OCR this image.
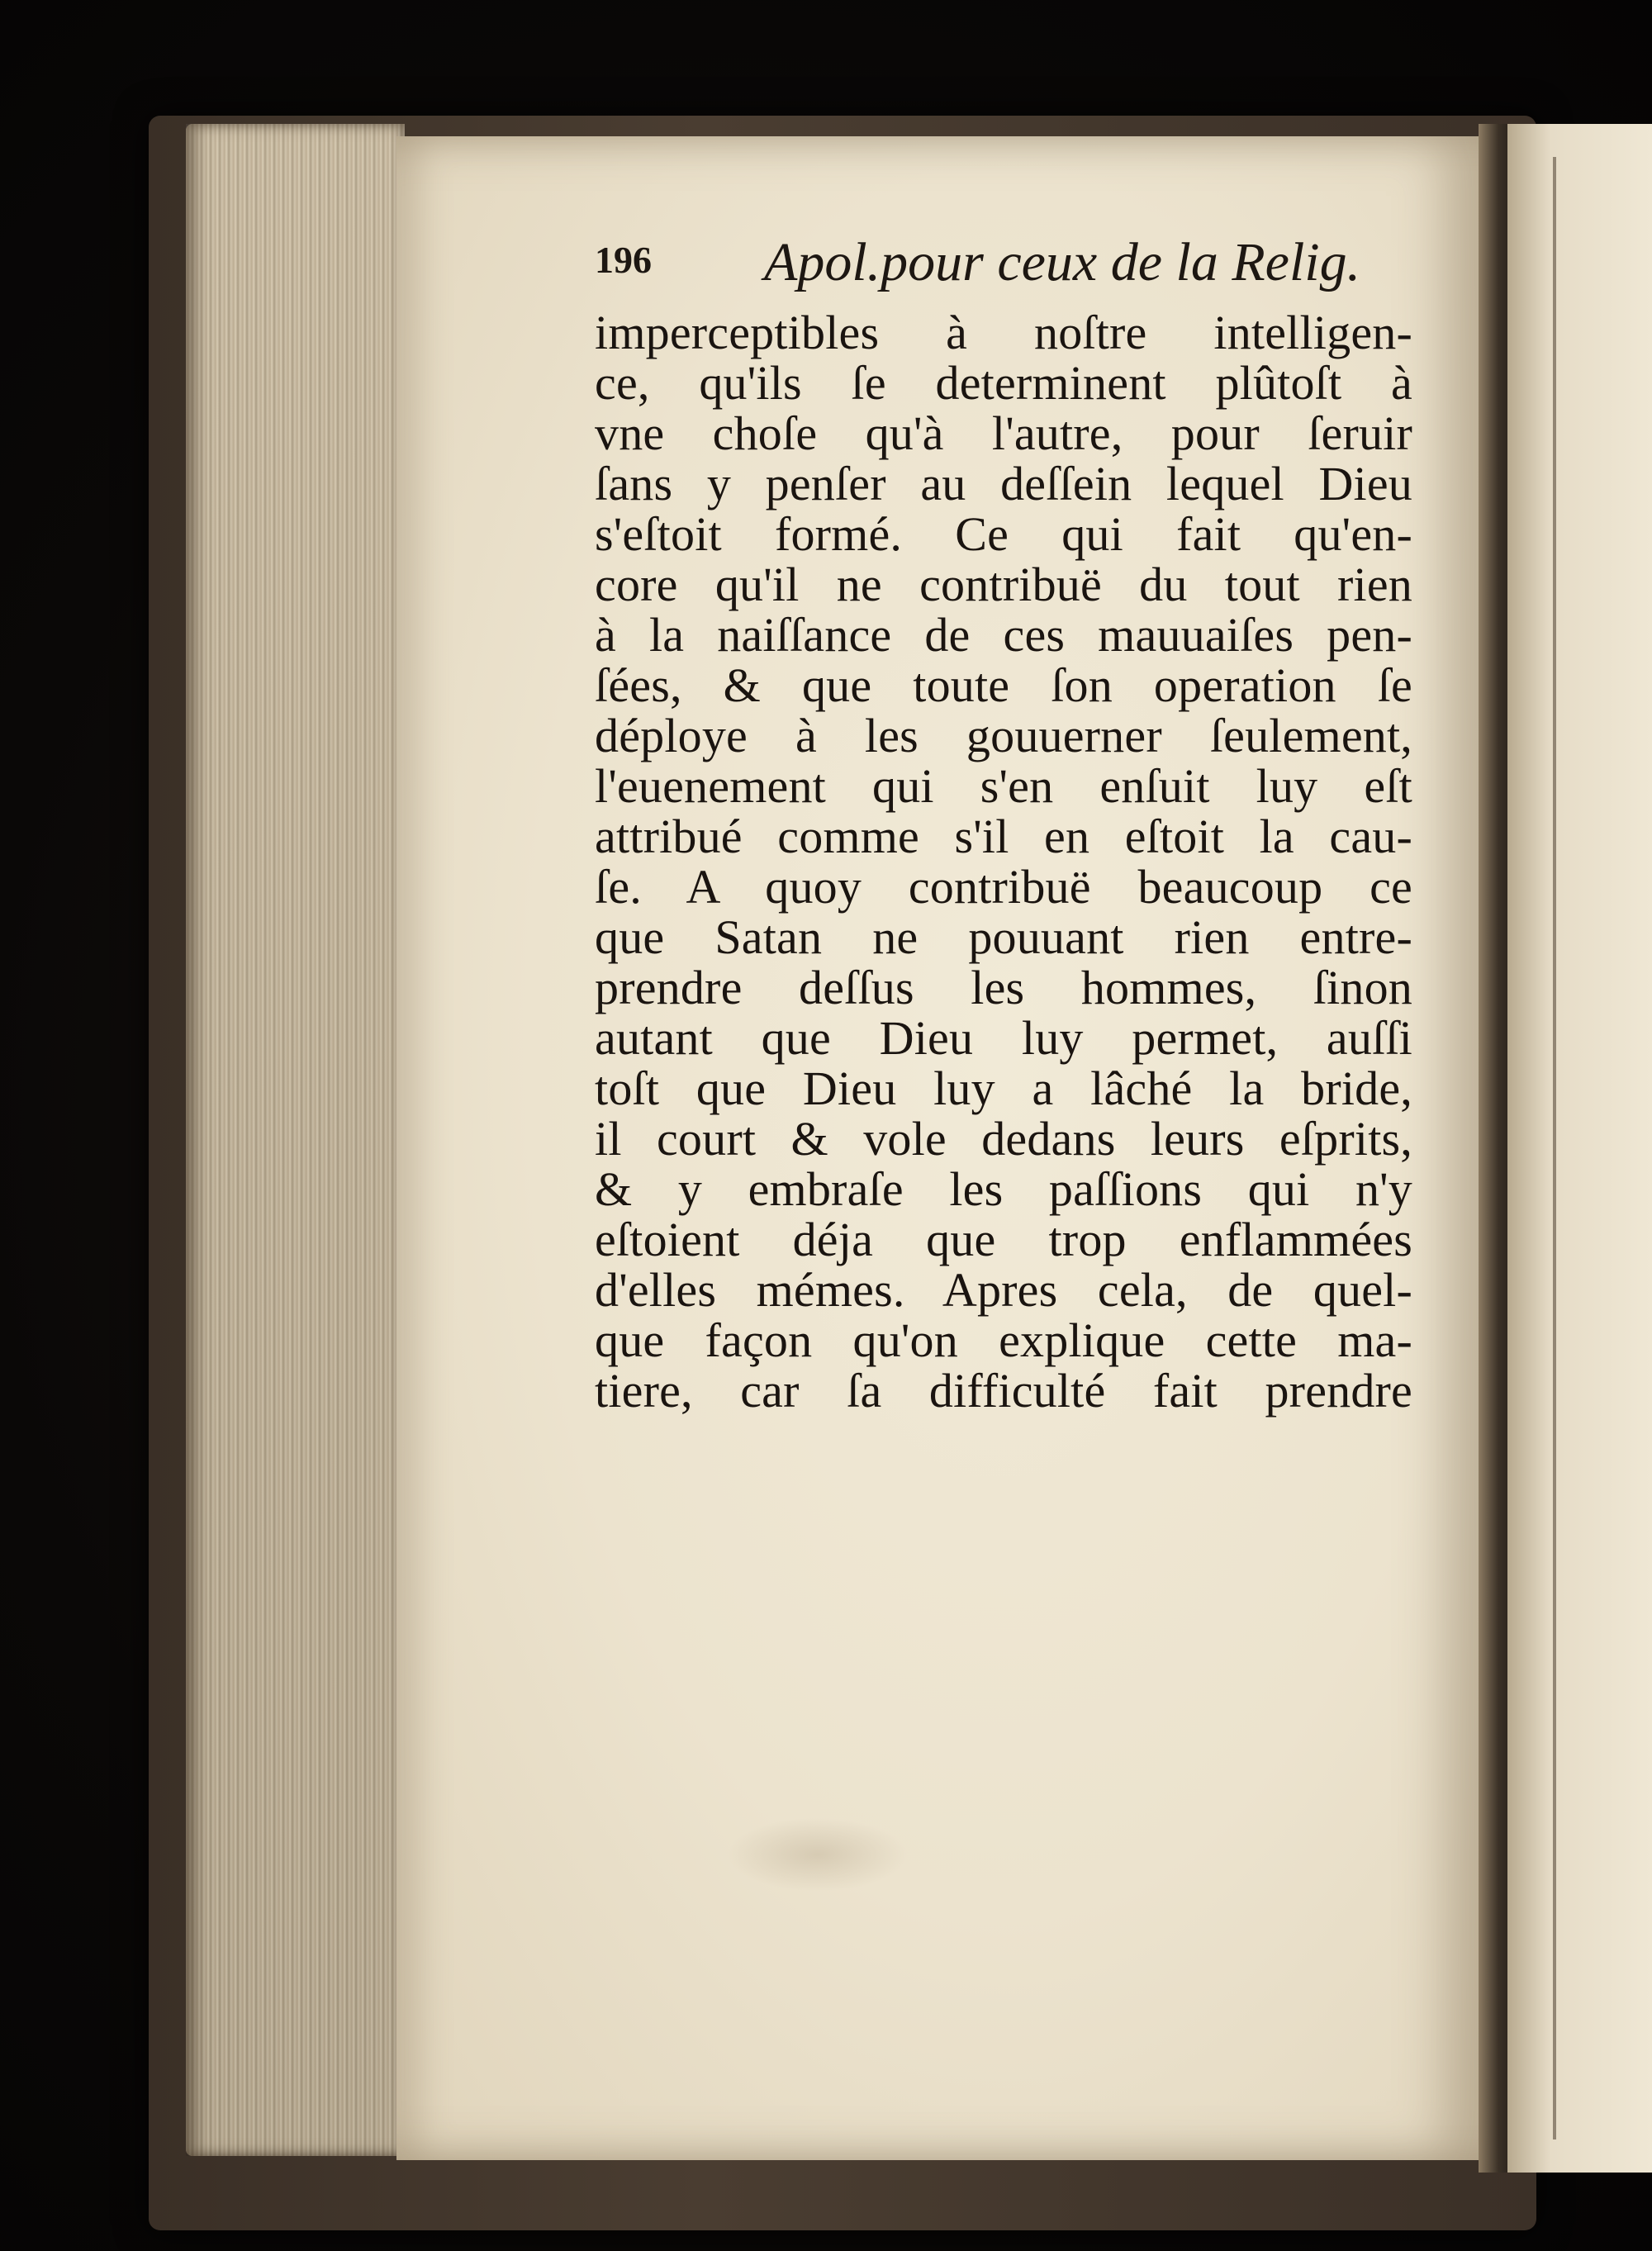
196 Apol.pour ceux de la Relig.
imperceptibles à noſtre intelligen-
ce, qu'ils ſe determinent plûtoſt à
vne choſe qu'à l'autre, pour ſeruir
ſans y penſer au deſſein lequel Dieu
s'eſtoit formé. Ce qui fait qu'en-
core qu'il ne contribuë du tout rien
à la naiſſance de ces mauuaiſes pen-
ſées, & que toute ſon operation ſe
déploye à les gouuerner ſeulement,
l'euenement qui s'en enſuit luy eſt
attribué comme s'il en eſtoit la cau-
ſe. A quoy contribuë beaucoup ce
que Satan ne pouuant rien entre-
prendre deſſus les hommes, ſinon
autant que Dieu luy permet, auſſi
toſt que Dieu luy a lâché la bride,
il court & vole dedans leurs eſprits,
& y embraſe les paſſions qui n'y
eſtoient déja que trop enflammées
d'elles mémes. Apres cela, de quel-
que façon qu'on explique cette ma-
tiere, car ſa difficulté fait prendre
